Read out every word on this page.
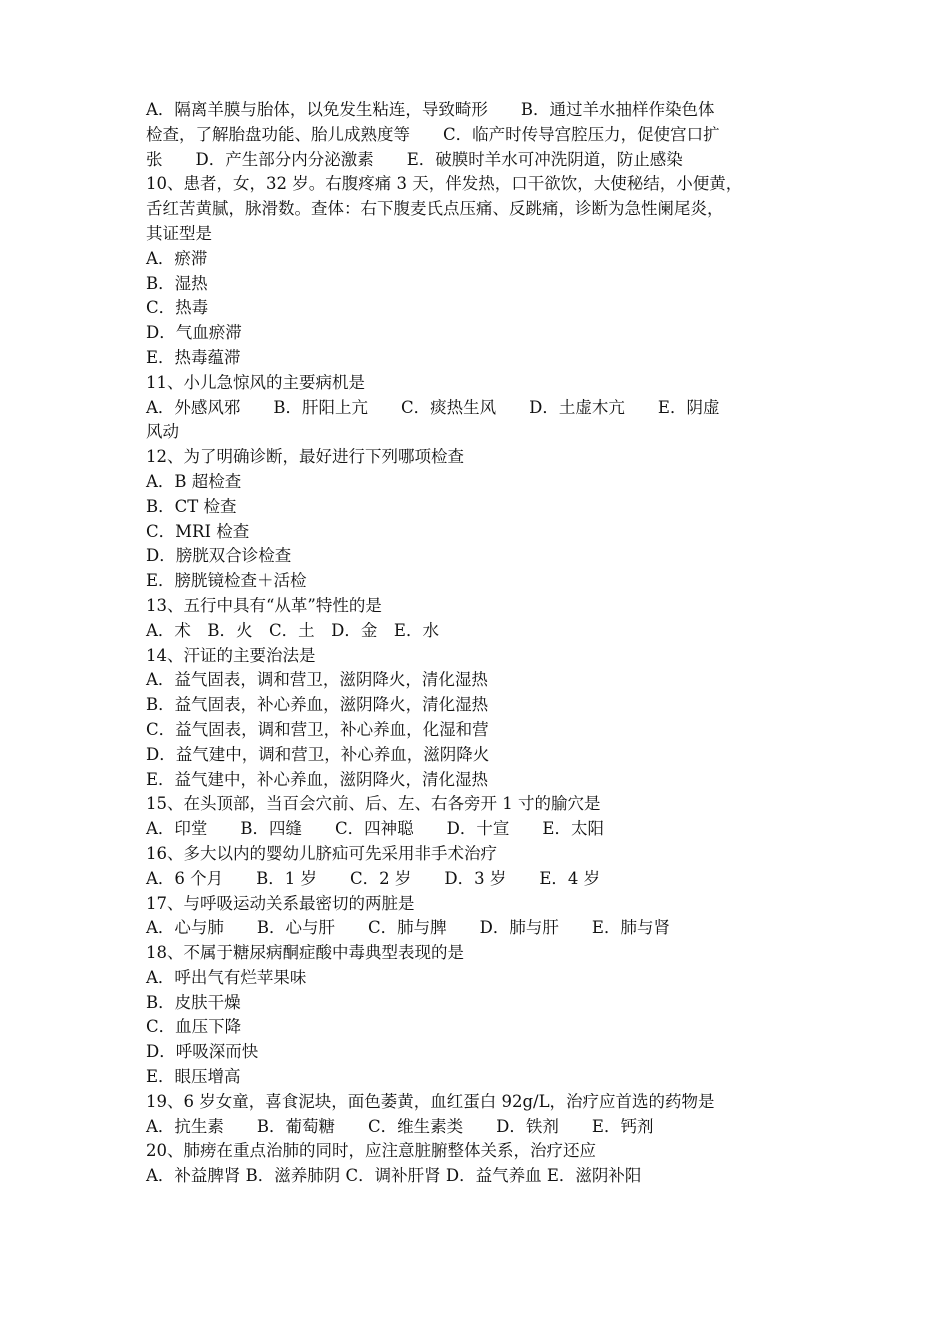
A．隔离羊膜与胎体，以免发生粘连，导致畸形　　B．通过羊水抽样作染色体
检查，了解胎盘功能、胎儿成熟度等　　C．临产时传导宫腔压力，促使宫口扩
张　　D．产生部分内分泌激素　　E．破膜时羊水可冲洗阴道，防止感染
10、患者，女，32 岁。右腹疼痛 3 天，伴发热，口干欲饮，大使秘结，小便黄，
舌红苦黄腻，脉滑数。查体：右下腹麦氏点压痛、反跳痛，诊断为急性阑尾炎，
其证型是
A．瘀滞
B．湿热
C．热毒
D．气血瘀滞
E．热毒蕴滞
11、小儿急惊风的主要病机是
A．外感风邪　　B．肝阳上亢　　C．痰热生风　　D．土虚木亢　　E．阴虚
风动
12、为了明确诊断，最好进行下列哪项检查
A．B 超检查
B．CT 检查
C．MRI 检查
D．膀胱双合诊检查
E．膀胱镜检查＋活检
13、五行中具有“从革”特性的是
A．术　B．火　C．土　D．金　E．水
14、汗证的主要治法是
A．益气固表，调和营卫，滋阴降火，清化湿热
B．益气固表，补心养血，滋阴降火，清化湿热
C．益气固表，调和营卫，补心养血，化湿和营
D．益气建中，调和营卫，补心养血，滋阴降火
E．益气建中，补心养血，滋阴降火，清化湿热
15、在头顶部，当百会穴前、后、左、右各旁开 1 寸的腧穴是
A．印堂　　B．四缝　　C．四神聪　　D．十宣　　E．太阳
16、多大以内的婴幼儿脐疝可先采用非手术治疗
A．6 个月　　B．1 岁　　C．2 岁　　D．3 岁　　E．4 岁
17、与呼吸运动关系最密切的两脏是
A．心与肺　　B．心与肝　　C．肺与脾　　D．肺与肝　　E．肺与肾
18、不属于糖尿病酮症酸中毒典型表现的是
A．呼出气有烂苹果味
B．皮肤干燥
C．血压下降
D．呼吸深而快
E．眼压增高
19、6 岁女童，喜食泥块，面色萎黄，血红蛋白 92g/L，治疗应首选的药物是
A．抗生素　　B．葡萄糖　　C．维生素类　　D．铁剂　　E．钙剂
20、肺痨在重点治肺的同时，应注意脏腑整体关系，治疗还应
A．补益脾肾 B．滋养肺阴 C．调补肝肾 D．益气养血 E．滋阴补阳
